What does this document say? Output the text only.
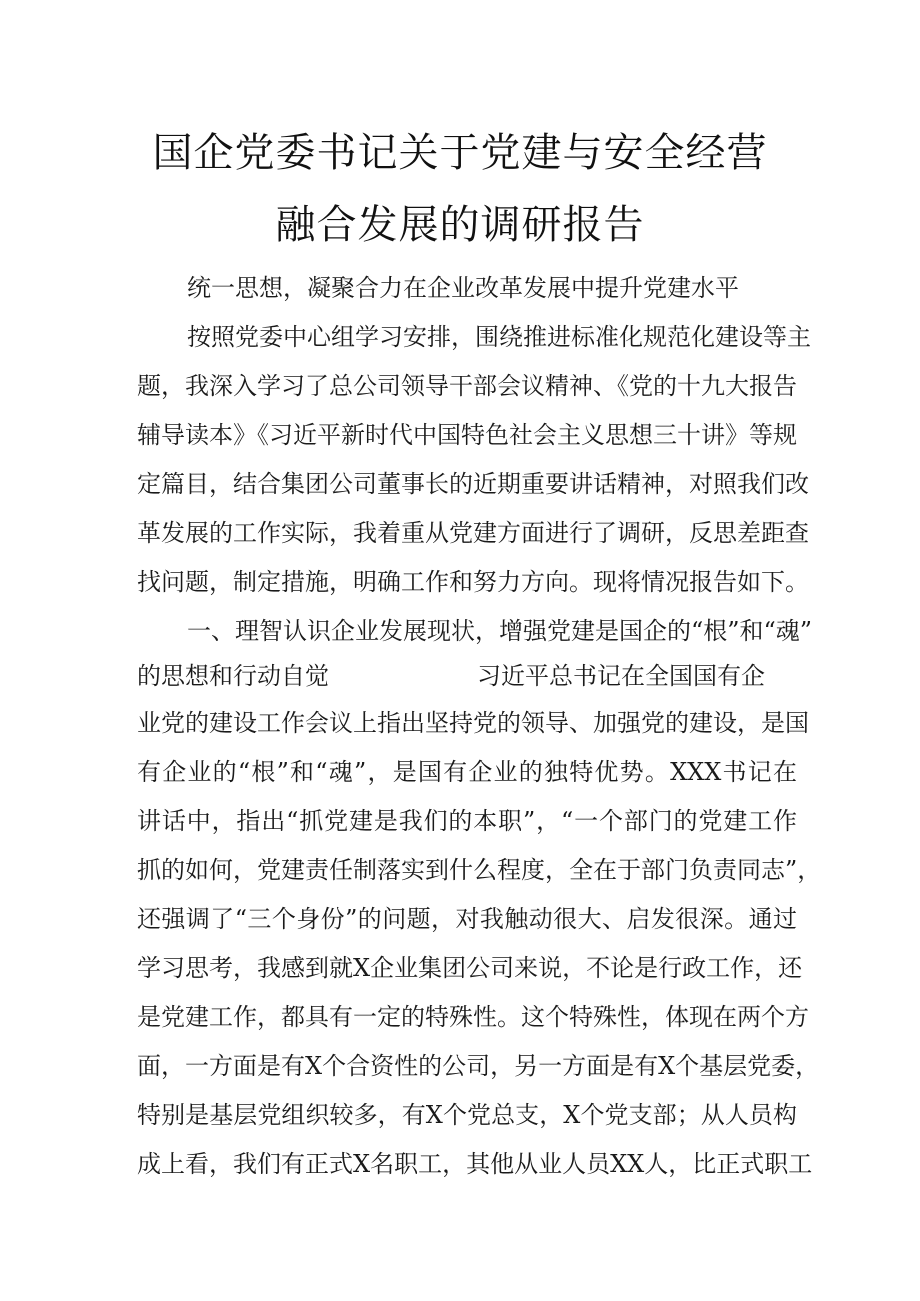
国企党委书记关于党建与安全经营
融合发展的调研报告
统一思想，凝聚合力在企业改革发展中提升党建水平
按照党委中心组学习安排，围绕推进标准化规范化建设等主
题，我深入学习了总公司领导干部会议精神、《党的十九大报告
辅导读本》《习近平新时代中国特色社会主义思想三十讲》等规
定篇目，结合集团公司董事长的近期重要讲话精神，对照我们改
革发展的工作实际，我着重从党建方面进行了调研，反思差距查
找问题，制定措施，明确工作和努力方向。现将情况报告如下。
一、理智认识企业发展现状，增强党建是国企的“根”和“魂”
的思想和行动自觉	习近平总书记在全国国有企
业党的建设工作会议上指出坚持党的领导、加强党的建设，是国
有企业的“根”和“魂”，是国有企业的独特优势。XXX书记在
讲话中，指出“抓党建是我们的本职”，“一个部门的党建工作
抓的如何，党建责任制落实到什么程度，全在于部门负责同志”，
还强调了“三个身份”的问题，对我触动很大、启发很深。通过
学习思考，我感到就X企业集团公司来说，不论是行政工作，还
是党建工作，都具有一定的特殊性。这个特殊性，体现在两个方
面，一方面是有X个合资性的公司，另一方面是有X个基层党委，
特别是基层党组织较多，有X个党总支，X个党支部；从人员构
成上看，我们有正式X名职工，其他从业人员XX人，比正式职工
